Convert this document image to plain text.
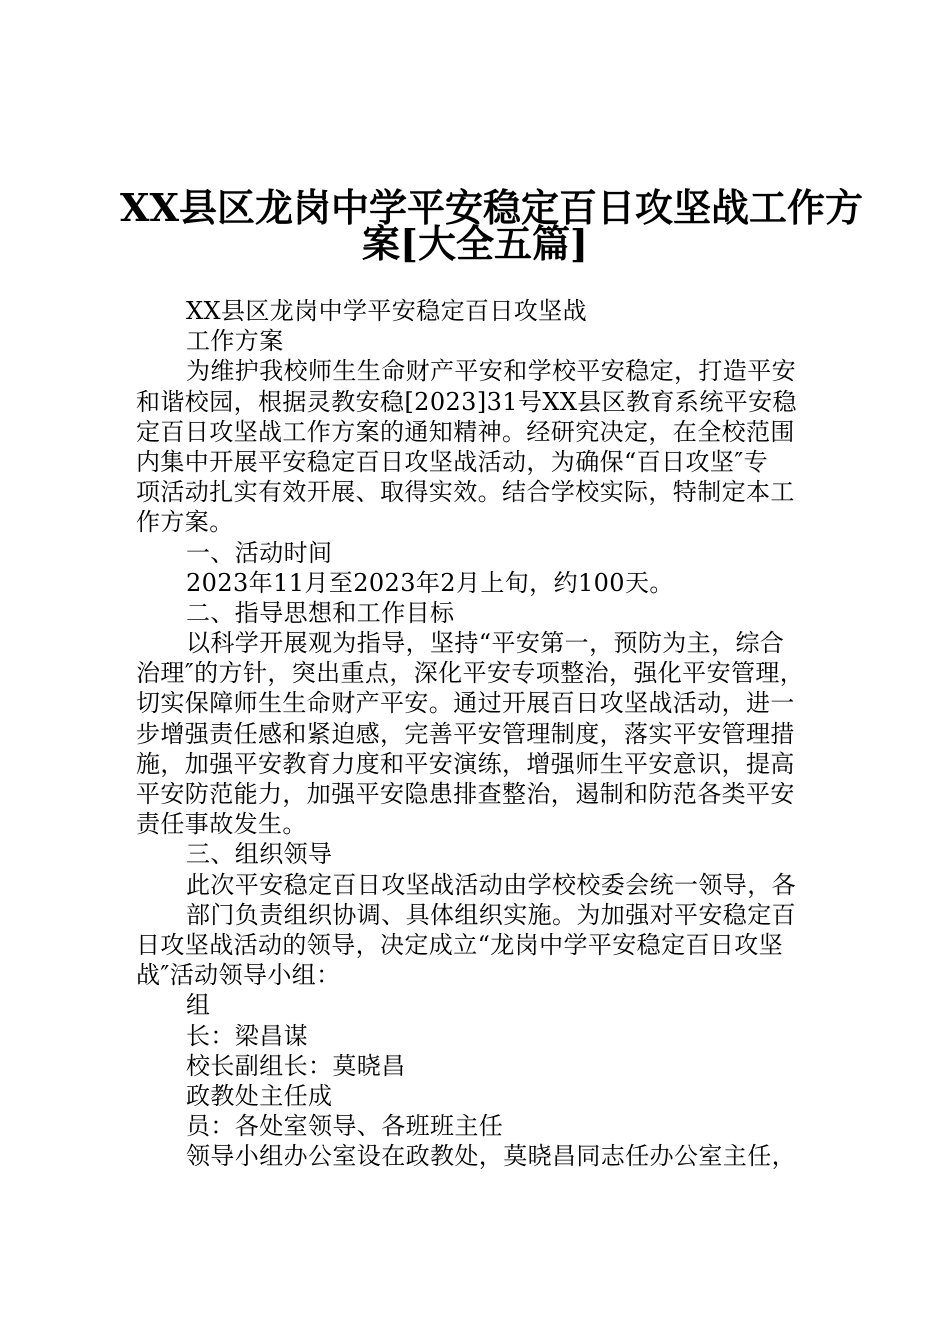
XX县区龙岗中学平安稳定百日攻坚战工作方
案[大全五篇]
XX县区龙岗中学平安稳定百日攻坚战
工作方案
为维护我校师生生命财产平安和学校平安稳定，打造平安
和谐校园，根据灵教安稳[2023]31号XX县区教育系统平安稳
定百日攻坚战工作方案的通知精神。经研究决定，在全校范围
内集中开展平安稳定百日攻坚战活动，为确保“百日攻坚″专
项活动扎实有效开展、取得实效。结合学校实际，特制定本工
作方案。
一、活动时间
2023年11月至2023年2月上旬，约100天。
二、指导思想和工作目标
以科学开展观为指导，坚持“平安第一，预防为主，综合
治理″的方针，突出重点，深化平安专项整治，强化平安管理，
切实保障师生生命财产平安。通过开展百日攻坚战活动，进一
步增强责任感和紧迫感，完善平安管理制度，落实平安管理措
施，加强平安教育力度和平安演练，增强师生平安意识，提高
平安防范能力，加强平安隐患排查整治，遏制和防范各类平安
责任事故发生。
三、组织领导
此次平安稳定百日攻坚战活动由学校校委会统一领导，各
部门负责组织协调、具体组织实施。为加强对平安稳定百
日攻坚战活动的领导，决定成立“龙岗中学平安稳定百日攻坚
战″活动领导小组：
组
长：梁昌谋
校长副组长：莫晓昌
政教处主任成
员：各处室领导、各班班主任
领导小组办公室设在政教处，莫晓昌同志任办公室主任，
